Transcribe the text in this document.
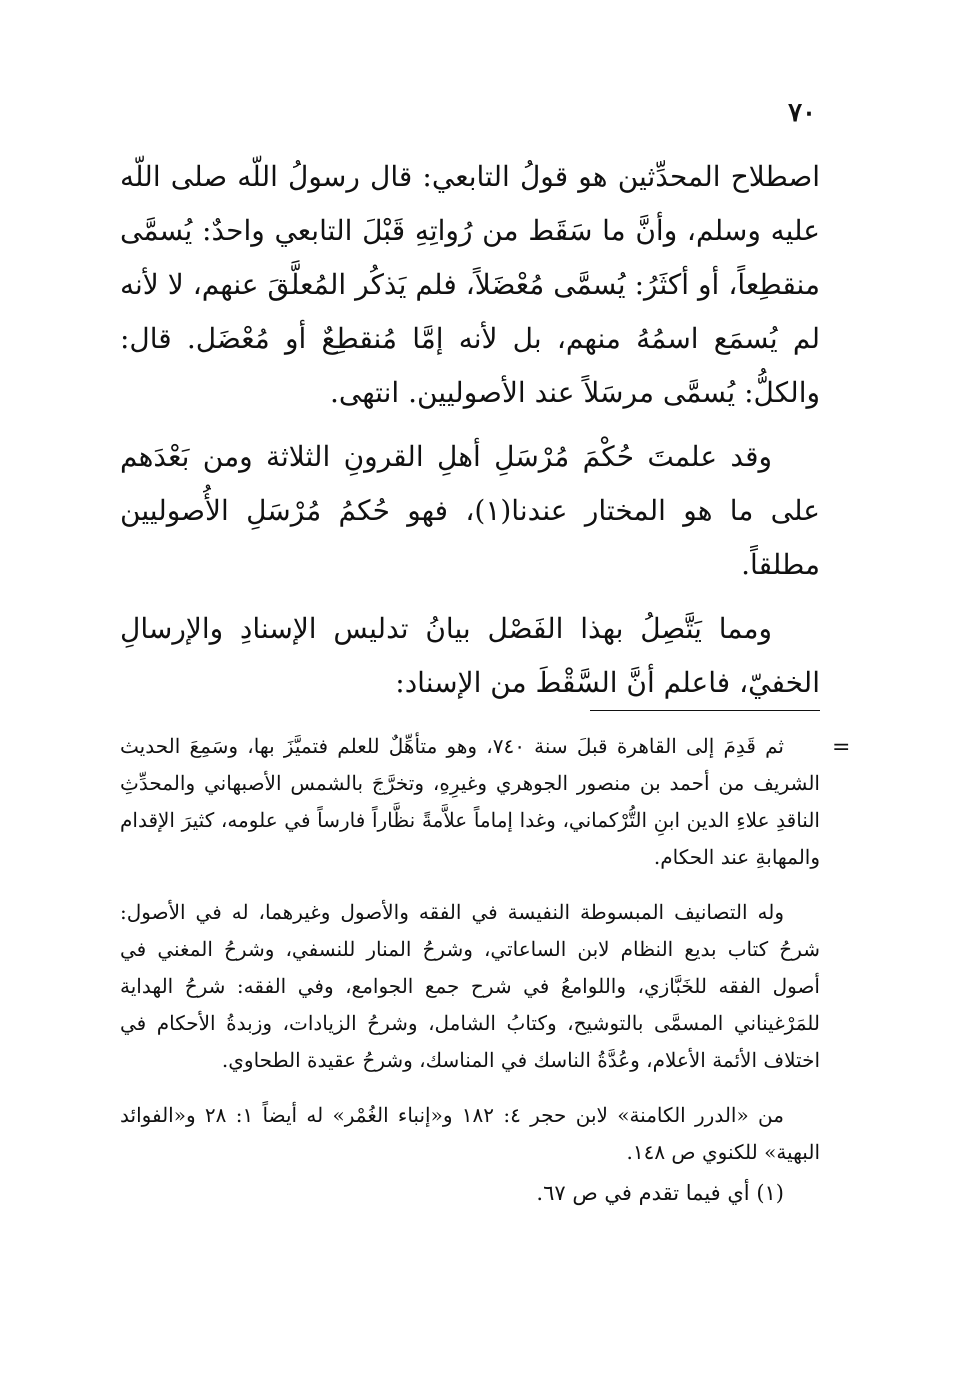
٧٠

اصطلاح المحدِّثين هو قولُ التابعي: قال رسولُ اللّه صلى اللّه عليه وسلم، وأنَّ ما سَقَط من رُواتِهِ قَبْلَ التابعي واحدٌ: يُسمَّى منقطِعاً، أو أكثَرُ: يُسمَّى مُعْضَلاً، فلم يَذكُر المُعلَّقَ عنهم، لا لأنه لم يُسمَع اسمُهُ منهم، بل لأنه إمَّا مُنقطِعٌ أو مُعْضَل. قال: والكلُّ: يُسمَّى مرسَلاً عند الأصوليين. انتهى.

وقد علمتَ حُكْمَ مُرْسَلِ أهلِ القرونِ الثلاثة ومن بَعْدَهم على ما هو المختار عندنا(١)، فهو حُكمُ مُرْسَلِ الأُصوليين مطلقاً.

ومما يَتَّصِلُ بهذا الفَصْل بيانُ تدليس الإسنادِ والإرسالِ الخفيّ، فاعلم أنَّ السَّقْطَ من الإسناد:

=

ثم قَدِمَ إلى القاهرة قبلَ سنة ٧٤٠، وهو متأهِّلٌ للعلم فتميَّزَ بها، وسَمِعَ الحديث الشريف من أحمد بن منصور الجوهري وغيرِهِ، وتخرَّجَ بالشمس الأصبهاني والمحدِّثِ الناقدِ علاءِ الدين ابنِ التُّرْكماني، وغدا إماماً علاَّمةً نظَّاراً فارساً في علومه، كثيرَ الإقدام والمهابةِ عند الحكام.

وله التصانيف المبسوطة النفيسة في الفقه والأصول وغيرهما، له في الأصول: شرحُ كتاب بديع النظام لابن الساعاتي، وشرحُ المنار للنسفي، وشرحُ المغني في أصول الفقه للخَبَّازي، واللوامعُ في شرح جمع الجوامع، وفي الفقه: شرحُ الهداية للمَرْغيناني المسمَّى بالتوشيح، وكتابُ الشامل، وشرحُ الزيادات، وزبدةُ الأحكام في اختلاف الأئمة الأعلام، وعُدَّةُ الناسك في المناسك، وشرحُ عقيدة الطحاوي.

من «الدرر الكامنة» لابن حجر ٤: ١٨٢ و«إنباء الغُمْر» له أيضاً ١: ٢٨ و«الفوائد البهية» للكنوي ص ١٤٨.

(١) أي فيما تقدم في ص ٦٧.
